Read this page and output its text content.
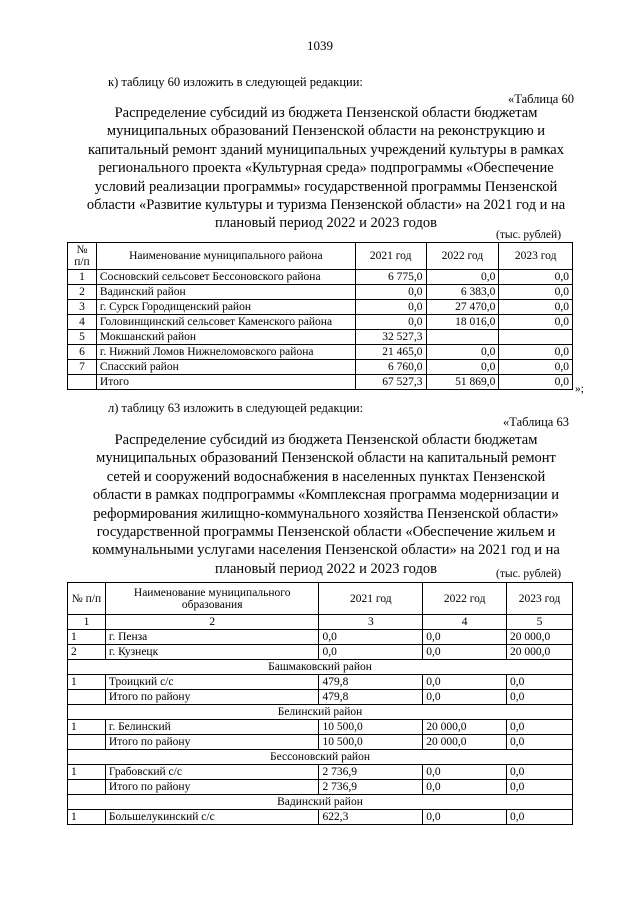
1039
к) таблицу 60 изложить в следующей редакции:
«Таблица 60
Распределение субсидий из бюджета Пензенской области бюджетам
муниципальных образований Пензенской области на реконструкцию и
капитальный ремонт зданий муниципальных учреждений культуры в рамках
регионального проекта «Культурная среда» подпрограммы «Обеспечение
условий реализации программы» государственной программы Пензенской
области «Развитие культуры и туризма Пензенской области» на 2021 год и на
плановый период 2022 и 2023 годов
(тыс. рублей)
№ п/п	Наименование муниципального района	2021 год	2022 год	2023 год
1	Сосновский сельсовет Бессоновского района	6 775,0	0,0	0,0
2	Вадинский район	0,0	6 383,0	0,0
3	г. Сурск Городищенский район	0,0	27 470,0	0,0
4	Головинщинский сельсовет Каменского района	0,0	18 016,0	0,0
5	Мокшанский район	32 527,3		
6	г. Нижний Ломов Нижнеломовского района	21 465,0	0,0	0,0
7	Спасский район	6 760,0	0,0	0,0
	Итого	67 527,3	51 869,0	0,0
»;
л) таблицу 63 изложить в следующей редакции:
«Таблица 63
Распределение субсидий из бюджета Пензенской области бюджетам
муниципальных образований Пензенской области на капитальный ремонт
сетей и сооружений водоснабжения в населенных пунктах Пензенской
области в рамках подпрограммы «Комплексная программа модернизации и
реформирования жилищно-коммунального хозяйства Пензенской области»
государственной программы Пензенской области «Обеспечение жильем и
коммунальными услугами населения Пензенской области» на 2021 год и на
плановый период 2022 и 2023 годов	(тыс. рублей)
№ п/п	Наименование муниципального образования	2021 год	2022 год	2023 год
1	2	3	4	5
1	г. Пенза	0,0	0,0	20 000,0
2	г. Кузнецк	0,0	0,0	20 000,0
Башмаковский район				
1	Троицкий с/с	479,8	0,0	0,0
	Итого по району	479,8	0,0	0,0
Белинский район				
1	г. Белинский	10 500,0	20 000,0	0,0
	Итого по району	10 500,0	20 000,0	0,0
Бессоновский район				
1	Грабовский с/с	2 736,9	0,0	0,0
	Итого по району	2 736,9	0,0	0,0
Вадинский район				
1	Большелукинский с/с	622,3	0,0	0,0
